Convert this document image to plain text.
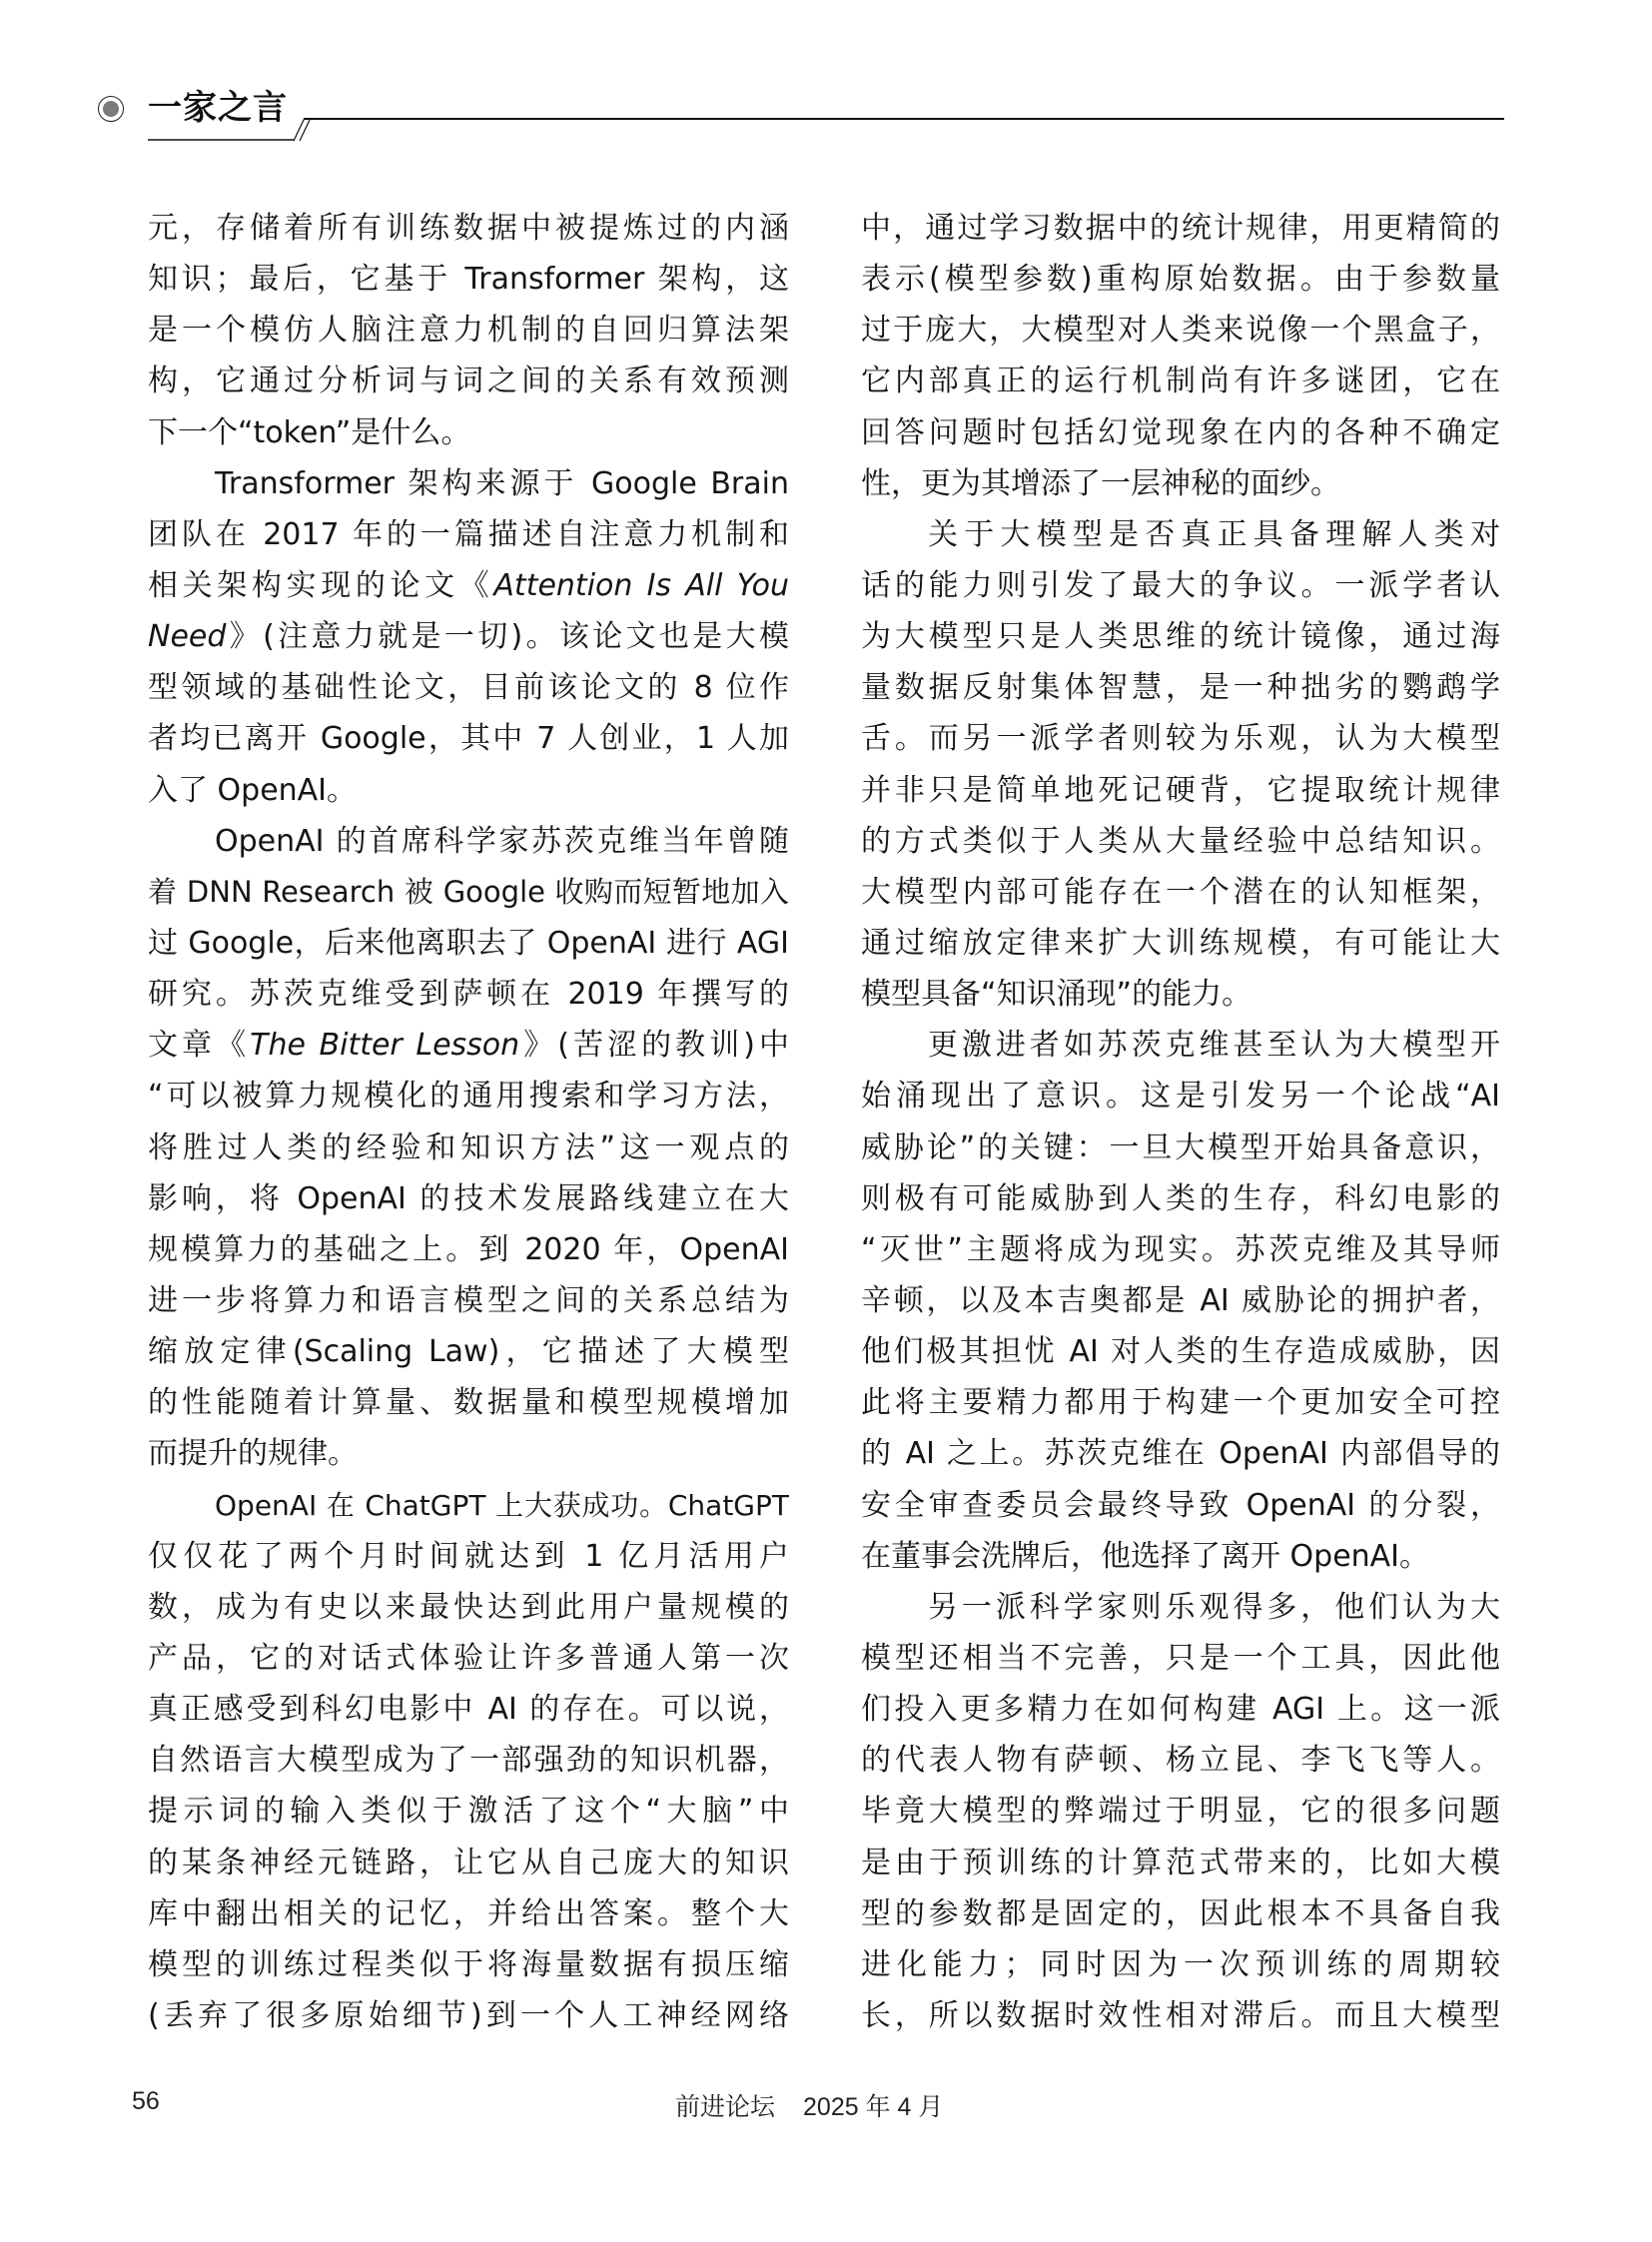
一家之言
元，存储着所有训练数据中被提炼过的内涵
知识；最后，它基于 Transformer 架构，这
是一个模仿人脑注意力机制的自回归算法架
构，它通过分析词与词之间的关系有效预测
下一个“token”是什么。
Transformer 架构来源于 Google Brain
团队在 2017 年的一篇描述自注意力机制和
相关架构实现的论文《Attention Is All You
Need》(注意力就是一切)。该论文也是大模
型领域的基础性论文，目前该论文的 8 位作
者均已离开 Google，其中 7 人创业，1 人加
入了 OpenAI。
OpenAI 的首席科学家苏茨克维当年曾随
着 DNN Research 被 Google 收购而短暂地加入
过 Google，后来他离职去了 OpenAI 进行 AGI
研究。苏茨克维受到萨顿在 2019 年撰写的
文章《The Bitter Lesson》(苦涩的教训)中
“可以被算力规模化的通用搜索和学习方法，
将胜过人类的经验和知识方法”这一观点的
影响，将 OpenAI 的技术发展路线建立在大
规模算力的基础之上。到 2020 年，OpenAI
进一步将算力和语言模型之间的关系总结为
缩放定律(Scaling Law)，它描述了大模型
的性能随着计算量、数据量和模型规模增加
而提升的规律。
OpenAI 在 ChatGPT 上大获成功。ChatGPT
仅仅花了两个月时间就达到 1 亿月活用户
数，成为有史以来最快达到此用户量规模的
产品，它的对话式体验让许多普通人第一次
真正感受到科幻电影中 AI 的存在。可以说，
自然语言大模型成为了一部强劲的知识机器，
提示词的输入类似于激活了这个“大脑”中
的某条神经元链路，让它从自己庞大的知识
库中翻出相关的记忆，并给出答案。整个大
模型的训练过程类似于将海量数据有损压缩
(丢弃了很多原始细节)到一个人工神经网络
中，通过学习数据中的统计规律，用更精简的
表示(模型参数)重构原始数据。由于参数量
过于庞大，大模型对人类来说像一个黑盒子，
它内部真正的运行机制尚有许多谜团，它在
回答问题时包括幻觉现象在内的各种不确定
性，更为其增添了一层神秘的面纱。
关于大模型是否真正具备理解人类对
话的能力则引发了最大的争议。一派学者认
为大模型只是人类思维的统计镜像，通过海
量数据反射集体智慧，是一种拙劣的鹦鹉学
舌。而另一派学者则较为乐观，认为大模型
并非只是简单地死记硬背，它提取统计规律
的方式类似于人类从大量经验中总结知识。
大模型内部可能存在一个潜在的认知框架，
通过缩放定律来扩大训练规模，有可能让大
模型具备“知识涌现”的能力。
更激进者如苏茨克维甚至认为大模型开
始涌现出了意识。这是引发另一个论战“AI
威胁论”的关键：一旦大模型开始具备意识，
则极有可能威胁到人类的生存，科幻电影的
“灭世”主题将成为现实。苏茨克维及其导师
辛顿，以及本吉奥都是 AI 威胁论的拥护者，
他们极其担忧 AI 对人类的生存造成威胁，因
此将主要精力都用于构建一个更加安全可控
的 AI 之上。苏茨克维在 OpenAI 内部倡导的
安全审查委员会最终导致 OpenAI 的分裂，
在董事会洗牌后，他选择了离开 OpenAI。
另一派科学家则乐观得多，他们认为大
模型还相当不完善，只是一个工具，因此他
们投入更多精力在如何构建 AGI 上。这一派
的代表人物有萨顿、杨立昆、李飞飞等人。
毕竟大模型的弊端过于明显，它的很多问题
是由于预训练的计算范式带来的，比如大模
型的参数都是固定的，因此根本不具备自我
进化能力；同时因为一次预训练的周期较
长，所以数据时效性相对滞后。而且大模型
56	前进论坛 2025 年 4 月
